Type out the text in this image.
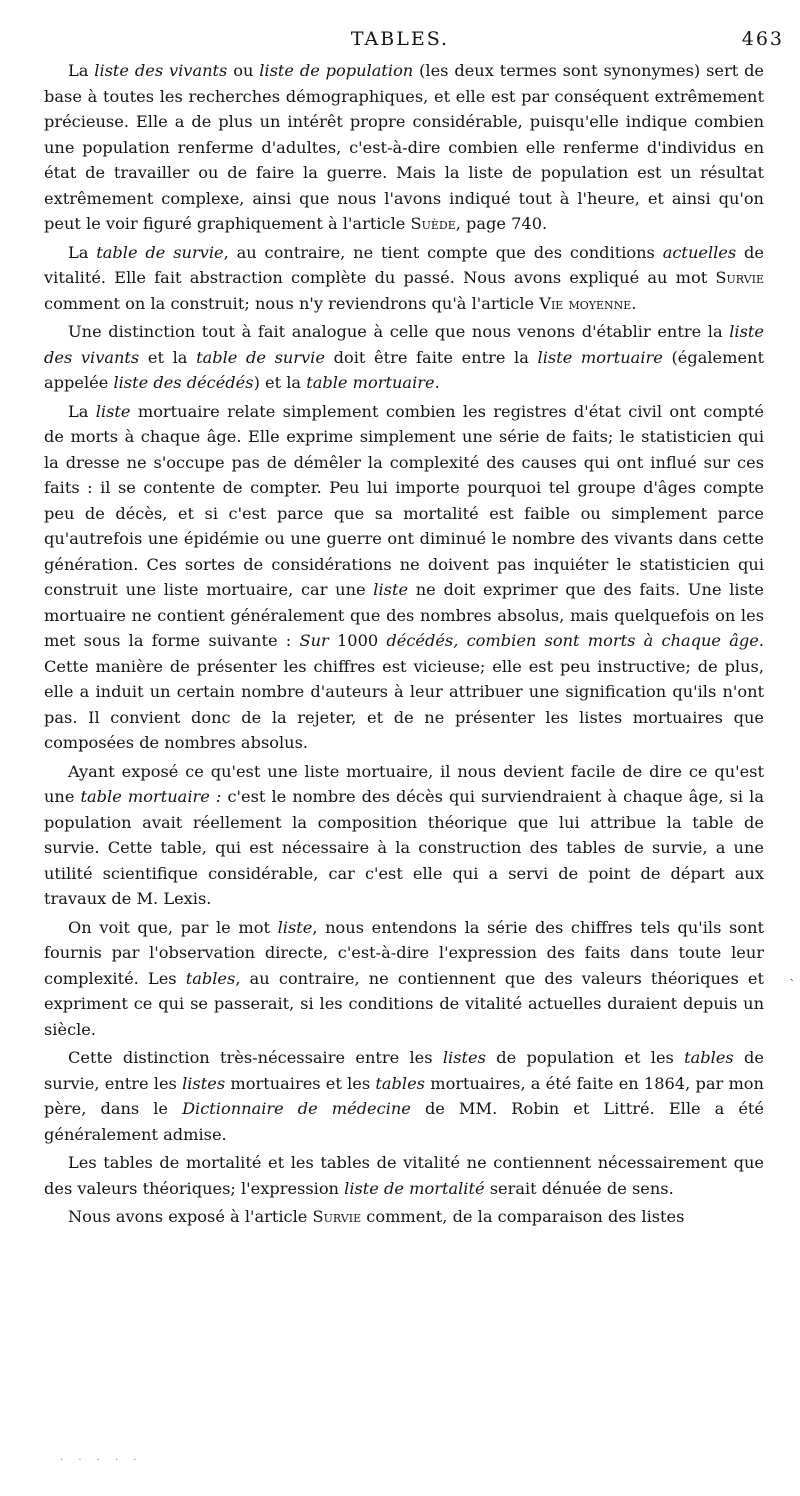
TABLES.	463

La liste des vivants ou liste de population (les deux termes sont synonymes) sert de base à toutes les recherches démographiques, et elle est par conséquent extrêmement précieuse. Elle a de plus un intérêt propre considérable, puisqu'elle indique combien une population renferme d'adultes, c'est-à-dire combien elle renferme d'individus en état de travailler ou de faire la guerre. Mais la liste de population est un résultat extrêmement complexe, ainsi que nous l'avons indiqué tout à l'heure, et ainsi qu'on peut le voir figuré graphiquement à l'article Suède, page 740.

La table de survie, au contraire, ne tient compte que des conditions actuelles de vitalité. Elle fait abstraction complète du passé. Nous avons expliqué au mot Survie comment on la construit; nous n'y reviendrons qu'à l'article Vie moyenne.

Une distinction tout à fait analogue à celle que nous venons d'établir entre la liste des vivants et la table de survie doit être faite entre la liste mortuaire (également appelée liste des décédés) et la table mortuaire.

La liste mortuaire relate simplement combien les registres d'état civil ont compté de morts à chaque âge. Elle exprime simplement une série de faits; le statisticien qui la dresse ne s'occupe pas de démêler la complexité des causes qui ont influé sur ces faits : il se contente de compter. Peu lui importe pourquoi tel groupe d'âges compte peu de décès, et si c'est parce que sa mortalité est faible ou simplement parce qu'autrefois une épidémie ou une guerre ont diminué le nombre des vivants dans cette génération. Ces sortes de considérations ne doivent pas inquiéter le statisticien qui construit une liste mortuaire, car une liste ne doit exprimer que des faits. Une liste mortuaire ne contient généralement que des nombres absolus, mais quelquefois on les met sous la forme suivante : Sur 1000 décédés, combien sont morts à chaque âge. Cette manière de présenter les chiffres est vicieuse; elle est peu instructive; de plus, elle a induit un certain nombre d'auteurs à leur attribuer une signification qu'ils n'ont pas. Il convient donc de la rejeter, et de ne présenter les listes mortuaires que composées de nombres absolus.

Ayant exposé ce qu'est une liste mortuaire, il nous devient facile de dire ce qu'est une table mortuaire : c'est le nombre des décès qui surviendraient à chaque âge, si la population avait réellement la composition théorique que lui attribue la table de survie. Cette table, qui est nécessaire à la construction des tables de survie, a une utilité scientifique considérable, car c'est elle qui a servi de point de départ aux travaux de M. Lexis.

On voit que, par le mot liste, nous entendons la série des chiffres tels qu'ils sont fournis par l'observation directe, c'est-à-dire l'expression des faits dans toute leur complexité. Les tables, au contraire, ne contiennent que des valeurs théoriques et expriment ce qui se passerait, si les conditions de vitalité actuelles duraient depuis un siècle.

Cette distinction très-nécessaire entre les listes de population et les tables de survie, entre les listes mortuaires et les tables mortuaires, a été faite en 1864, par mon père, dans le Dictionnaire de médecine de MM. Robin et Littré. Elle a été généralement admise.

Les tables de mortalité et les tables de vitalité ne contiennent nécessairement que des valeurs théoriques; l'expression liste de mortalité serait dénuée de sens.

Nous avons exposé à l'article Survie comment, de la comparaison des listes

ˎ
· · · · ·
